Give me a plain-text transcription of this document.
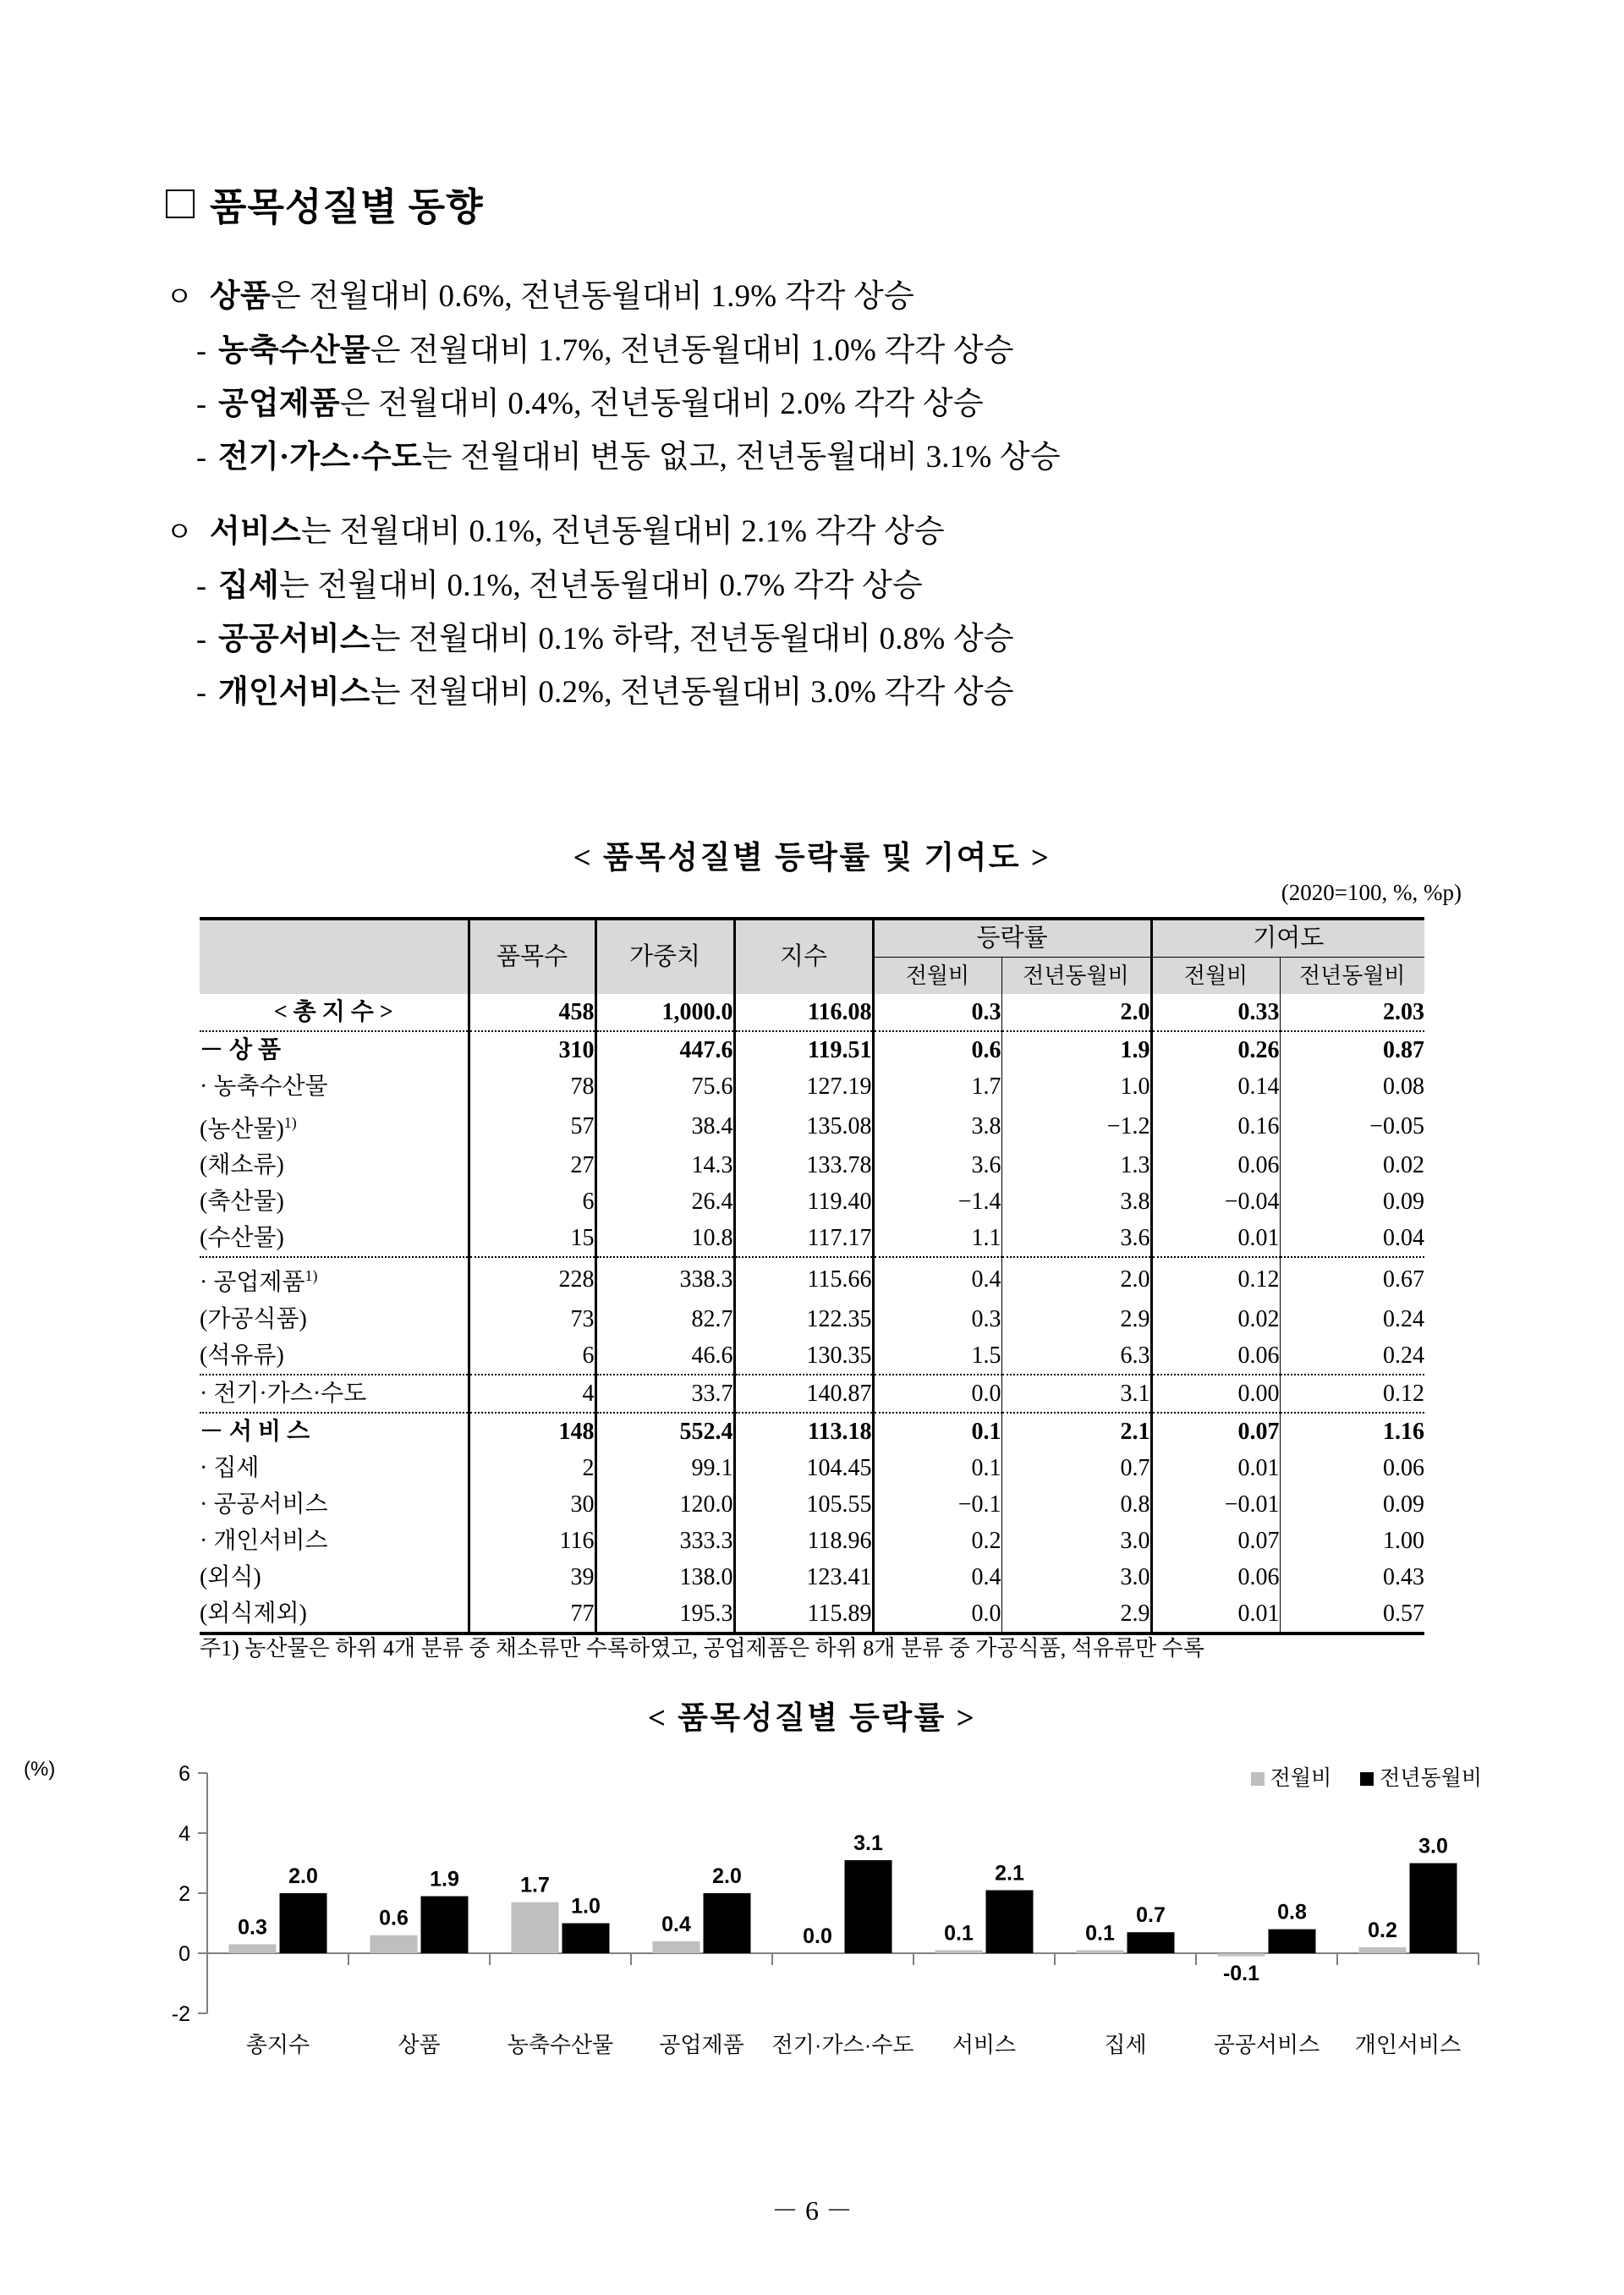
품목성질별 동향
ㅇ 상품은 전월대비 0.6%, 전년동월대비 1.9% 각각 상승
- 농축수산물은 전월대비 1.7%, 전년동월대비 1.0% 각각 상승
- 공업제품은 전월대비 0.4%, 전년동월대비 2.0% 각각 상승
- 전기·가스·수도는 전월대비 변동 없고, 전년동월대비 3.1% 상승
ㅇ 서비스는 전월대비 0.1%, 전년동월대비 2.1% 각각 상승
- 집세는 전월대비 0.1%, 전년동월대비 0.7% 각각 상승
- 공공서비스는 전월대비 0.1% 하락, 전년동월대비 0.8% 상승
- 개인서비스는 전월대비 0.2%, 전년동월대비 3.0% 각각 상승
< 품목성질별 등락률 및 기여도 >
(2020=100, %, %p)
	품목수	가중치	지수	등락률		기여도	
				전월비	전년동월비	전월비	전년동월비
< 총 지 수 >	458	1,000.0	116.08	0.3	2.0	0.33	2.03
－ 상 품	310	447.6	119.51	0.6	1.9	0.26	0.87
· 농축수산물	78	75.6	127.19	1.7	1.0	0.14	0.08
(농산물)$^{1)}$	57	38.4	135.08	3.8	−1.2	0.16	−0.05
(채소류)	27	14.3	133.78	3.6	1.3	0.06	0.02
(축산물)	6	26.4	119.40	−1.4	3.8	−0.04	0.09
(수산물)	15	10.8	117.17	1.1	3.6	0.01	0.04
· 공업제품$^{1)}$	228	338.3	115.66	0.4	2.0	0.12	0.67
(가공식품)	73	82.7	122.35	0.3	2.9	0.02	0.24
(석유류)	6	46.6	130.35	1.5	6.3	0.06	0.24
· 전기·가스·수도	4	33.7	140.87	0.0	3.1	0.00	0.12
－ 서 비 스	148	552.4	113.18	0.1	2.1	0.07	1.16
· 집세	2	99.1	104.45	0.1	0.7	0.01	0.06
· 공공서비스	30	120.0	105.55	−0.1	0.8	−0.01	0.09
· 개인서비스	116	333.3	118.96	0.2	3.0	0.07	1.00
(외식)	39	138.0	123.41	0.4	3.0	0.06	0.43
(외식제외)	77	195.3	115.89	0.0	2.9	0.01	0.57
주1) 농산물은 하위 4개 분류 중 채소류만 수록하였고, 공업제품은 하위 8개 분류 중 가공식품, 석유류만 수록
< 품목성질별 등락률 >
(%)	전월비 전년동월비
-2
0
2
4
6
0.3
2.0
총지수
0.6
1.9
상품
1.7
1.0
농축수산물
0.4
2.0
공업제품
0.0
3.1
전기·가스·수도
0.1
2.1
서비스
0.1
0.7
집세
-0.1
0.8
공공서비스
0.2
3.0
개인서비스
－ 6 －
